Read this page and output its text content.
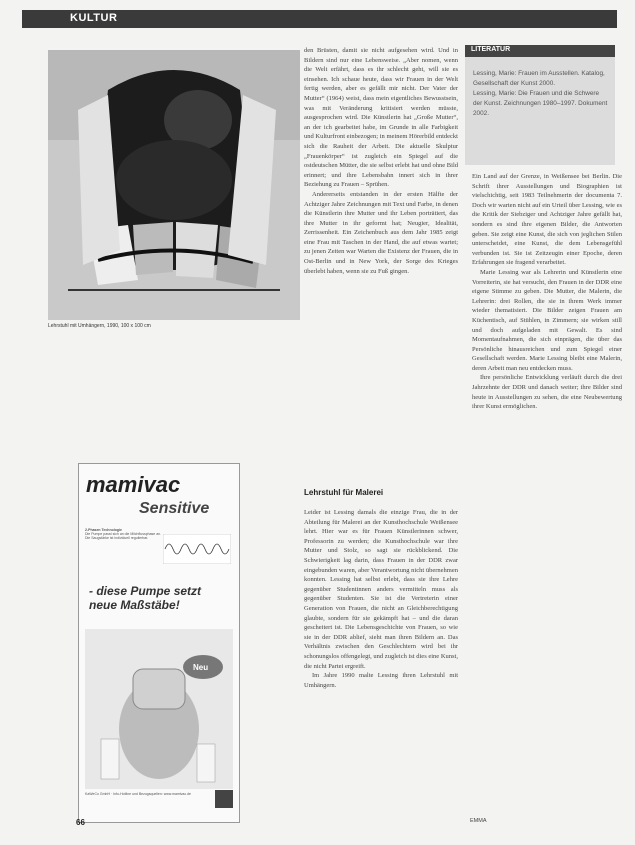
KULTUR
Lehrstuhl mit Umhängern, 1990, 100 x 100 cm
mamivac
Sensitive
2-Phasen Technologie
Die Pumpe passt sich an die Milchflussphase an.
Die Saugstärke ist individuell regulierbar.
- diese Pumpe setzt neue Maßstäbe!
Neu
KaWeCo GmbH · Info-Hotline und Bezugsquellen: www.mamivac.de

den Brüsten, damit sie nicht aufgesehen wird. Und in Bildern sind nur eine Lebensweise. „Aber nomen, wenn die Welt erfährt, dass es ihr schlecht geht, will sie es einsehen. Ich schaue heute, dass wir Frauen in der Welt fertig werden, aber es gefällt mir nicht. Der Vater der Mutter“ (1964) weist, dass mein eigentliches Bewusstsein, was mit Veränderung kritisiert werden müsste, ausgesprochen wird. Die Künstlerin hat „Große Mutter“, an der ich gearbeitet habe, im Grunde in alle Farbigkeit und Kulturfront einbezogen; in meinem Hörerbild entdeckt sich die Rauheit der Arbeit. Die aktuelle Skulptur „Frauenkörper“ ist zugleich ein Spiegel auf die ostdeutschen Mütter, die sie selbst erlebt hat und ohne Bild erinnert; und ihre Lebensbahn innert sich in ihrer Beziehung zu Frauen – Sprühen.

Andererseits entstanden in der ersten Hälfte der Achtziger Jahre Zeichnungen mit Text und Farbe, in denen die Künstlerin ihre Mutter und ihr Leben porträtiert, das ihre Mutter in ihr geformt hat; Neugier, Idealität, Zerrissenheit. Ein Zeichenbuch aus dem Jahr 1985 zeigt eine Frau mit Taschen in der Hand, die auf etwas wartet; zu jenen Zeiten war Warten die Existenz der Frauen, die in Ost-Berlin und in New York, der Sorge des Krieges überlebt haben, wenn sie zu Fuß gingen.

Lehrstuhl für Malerei

Leider ist Lessing damals die einzige Frau, die in der Abteilung für Malerei an der Kunsthochschule Weißensee lehrt. Hier war es für Frauen Künstlerinnen schwer, Professorin zu werden; die Kunsthochschule war ihre Mutter und Stolz, so sagt sie rückblickend. Die Schwierigkeit lag darin, dass Frauen in der DDR zwar eingebunden waren, aber Verantwortung nicht übernehmen konnten. Lessing hat selbst erlebt, dass sie ihre Lehre gegenüber Studentinnen anders vermitteln muss als gegenüber Studenten. Sie ist die Vertreterin einer Generation von Frauen, die nicht an Gleichberechtigung glaubte, sondern für sie gekämpft hat – und die daran gescheitert ist. Die Lebensgeschichte von Frauen, so wie sie in der DDR ablief, sieht man ihren Bildern an. Das Verhältnis zwischen den Geschlechtern wird bei ihr schonungslos offengelegt, und zugleich ist dies eine Kunst, die nicht Partei ergreift.

Im Jahre 1990 malte Lessing ihren Lehrstuhl mit Umhängern.

LITERATUR
Lessing, Marie: Frauen im Ausstellen. Katalog, Gesellschaft der Kunst 2000.
Lessing, Marie: Die Frauen und die Schwere der Kunst. Zeichnungen 1980–1997. Dokument 2002.

Ein Land auf der Grenze, in Weißensee bei Berlin. Die Schrift ihrer Ausstellungen und Biographien ist vielschichtig, seit 1983 Teilnehmerin der documenta 7. Doch wir warten nicht auf ein Urteil über Lessing, wie es die Kritik der Siebziger und Achtziger Jahre gefällt hat, sondern es sind ihre eigenen Bilder, die Antworten geben. Sie zeigt eine Kunst, die sich von jeglichen Stilen unterscheidet, eine Kunst, die dem Lebensgefühl verbunden ist. Sie ist Zeitzeugin einer Epoche, deren Erfahrungen sie fragend verarbeitet.

Marie Lessing war als Lehrerin und Künstlerin eine Vorreiterin, sie hat versucht, den Frauen in der DDR eine eigene Stimme zu geben. Die Mutter, die Malerin, die Lehrerin: drei Rollen, die sie in ihrem Werk immer wieder thematisiert. Die Bilder zeigen Frauen am Küchentisch, auf Stühlen, in Zimmern; sie wirken still und doch aufgeladen mit Gewalt. Es sind Momentaufnahmen, die sich einprägen, die über das Persönliche hinausreichen und zum Spiegel einer Gesellschaft werden. Marie Lessing bleibt eine Malerin, deren Arbeit man neu entdecken muss.

Ihre persönliche Entwicklung verläuft durch die drei Jahrzehnte der DDR und danach weiter; ihre Bilder sind heute in Ausstellungen zu sehen, die eine Neubewertung ihrer Kunst ermöglichen.

66	EMMA
